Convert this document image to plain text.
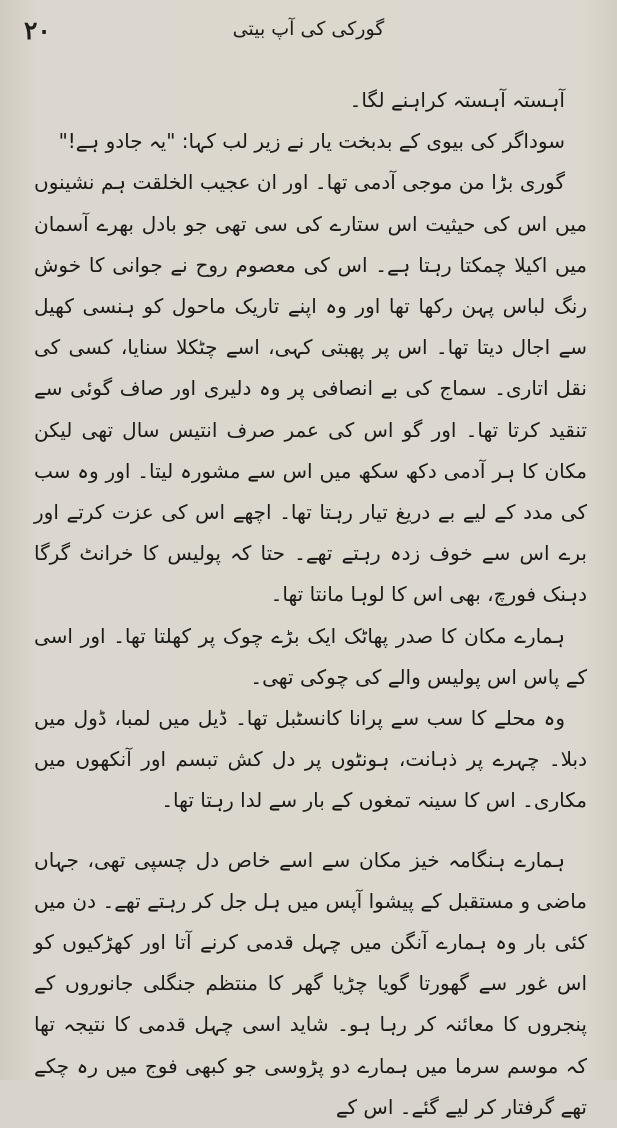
۲۰	گورکی کی آپ بیتی

آہستہ آہستہ کراہنے لگا۔

سوداگر کی بیوی کے بدبخت یار نے زیر لب کہا: "یہ جادو ہے!"

گوری بڑا من موجی آدمی تھا۔ اور ان عجیب الخلقت ہم نشینوں میں اس کی حیثیت اس ستارے کی سی تھی جو بادل بھرے آسمان میں اکیلا چمکتا رہتا ہے۔ اس کی معصوم روح نے جوانی کا خوش رنگ لباس پہن رکھا تھا اور وہ اپنے تاریک ماحول کو ہنسی کھیل سے اجال دیتا تھا۔ اس پر پھبتی کہی، اسے چٹکلا سنایا، کسی کی نقل اتاری۔ سماج کی بے انصافی پر وہ دلیری اور صاف گوئی سے تنقید کرتا تھا۔ اور گو اس کی عمر صرف انتیس سال تھی لیکن مکان کا ہر آدمی دکھ سکھ میں اس سے مشورہ لیتا۔ اور وہ سب کی مدد کے لیے بے دریغ تیار رہتا تھا۔ اچھے اس کی عزت کرتے اور برے اس سے خوف زدہ رہتے تھے۔ حتا کہ پولیس کا خرانٹ گرگا دہنک فورچ، بھی اس کا لوہا مانتا تھا۔

ہمارے مکان کا صدر پھاٹک ایک بڑے چوک پر کھلتا تھا۔ اور اسی کے پاس اس پولیس والے کی چوکی تھی۔

وہ محلے کا سب سے پرانا کانسٹبل تھا۔ ڈیل میں لمبا، ڈول میں دبلا۔ چہرے پر ذہانت، ہونٹوں پر دل کش تبسم اور آنکھوں میں مکاری۔ اس کا سینہ تمغوں کے بار سے لدا رہتا تھا۔

ہمارے ہنگامہ خیز مکان سے اسے خاص دل چسپی تھی، جہاں ماضی و مستقبل کے پیشوا آپس میں ہل جل کر رہتے تھے۔ دن میں کئی بار وہ ہمارے آنگن میں چہل قدمی کرنے آتا اور کھڑکیوں کو اس غور سے گھورتا گویا چڑیا گھر کا منتظم جنگلی جانوروں کے پنجروں کا معائنہ کر رہا ہو۔ شاید اسی چہل قدمی کا نتیجہ تھا کہ موسم سرما میں ہمارے دو پڑوسی جو کبھی فوج میں رہ چکے تھے گرفتار کر لیے گئے۔ اس کے
